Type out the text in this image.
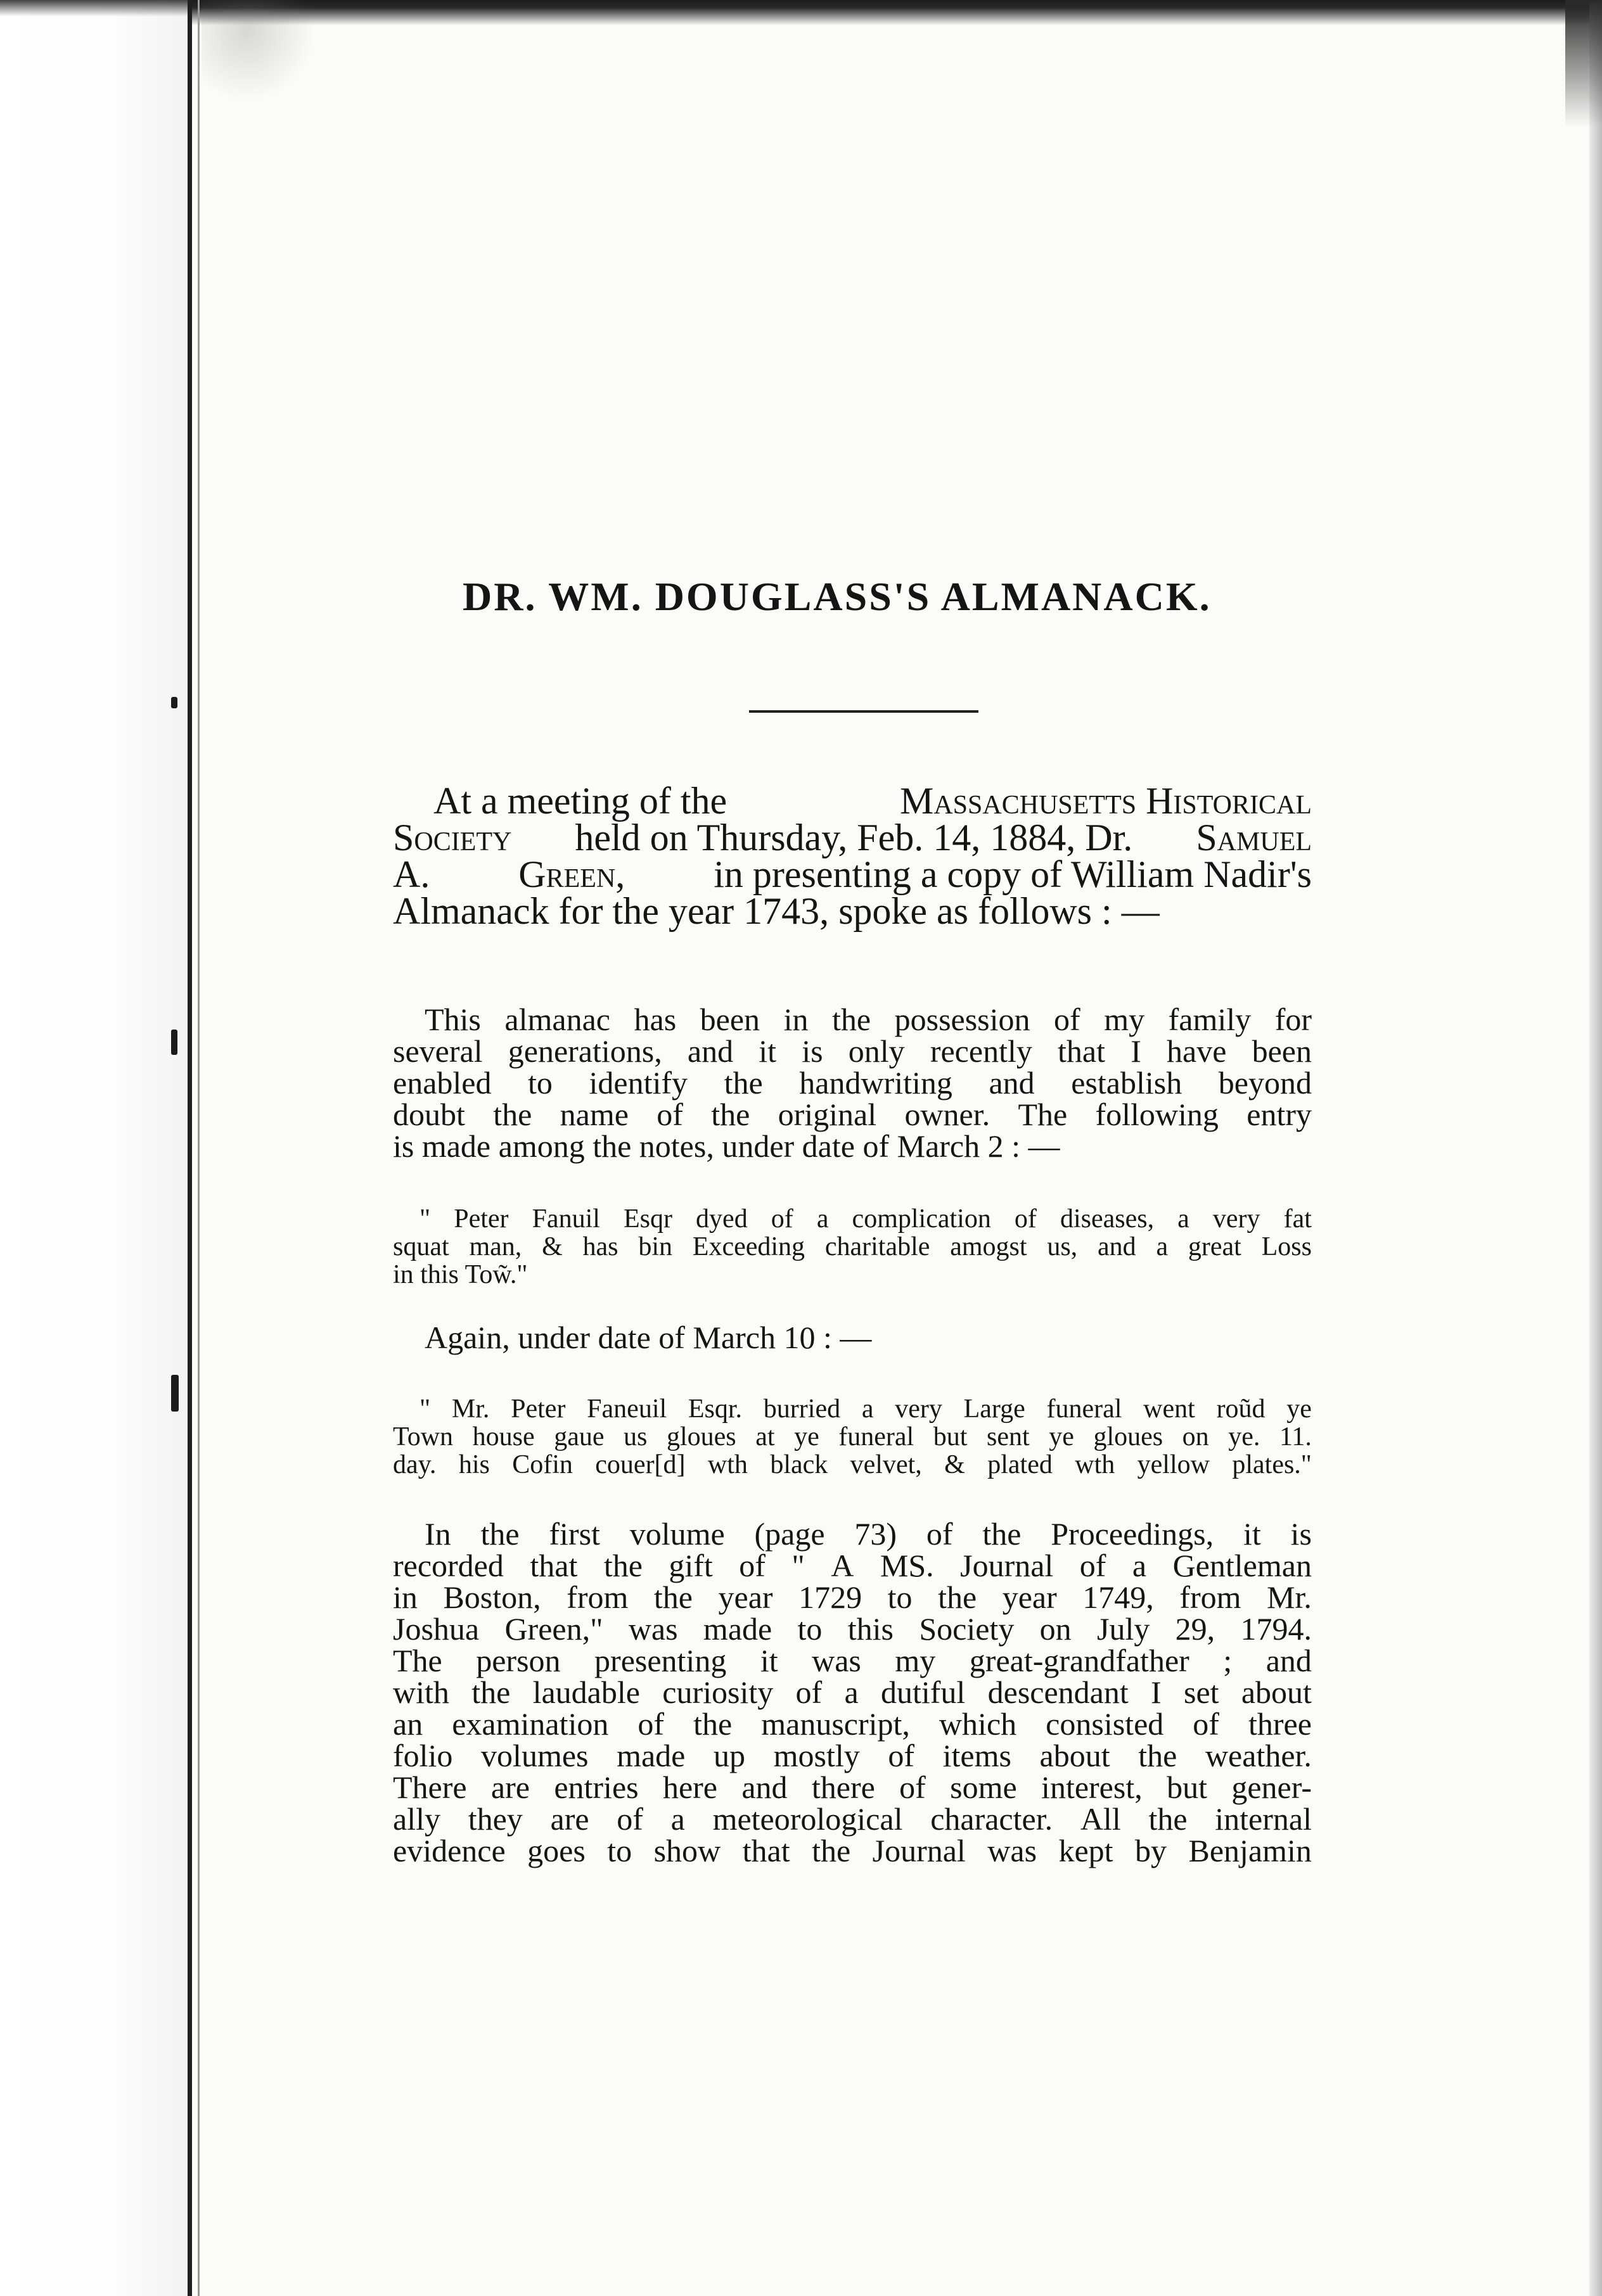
DR. WM. DOUGLASS'S ALMANACK.
At a meeting of the	Massachusetts Historical
Society held on Thursday, Feb. 14, 1884, Dr. Samuel
A. Green, in presenting a copy of William Nadir's
Almanack for the year 1743, spoke as follows : —
This almanac has been in the possession of my family for
several generations, and it is only recently that I have been
enabled to identify the handwriting and establish beyond
doubt the name of the original owner. The following entry
is made among the notes, under date of March 2 : —
" Peter Fanuil Esqr dyed of a complication of diseases, a very fat
squat man, & has bin Exceeding charitable amogst us, and a great Loss
in this Tow̃."
Again, under date of March 10 : —
" Mr. Peter Faneuil Esqr. burried a very Large funeral went roũd ye
Town house gaue us gloues at ye funeral but sent ye gloues on ye. 11.
day. his Cofin couer[d] wth black velvet, & plated wth yellow plates."
In the first volume (page 73) of the Proceedings, it is
recorded that the gift of " A MS. Journal of a Gentleman
in Boston, from the year 1729 to the year 1749, from Mr.
Joshua Green," was made to this Society on July 29, 1794.
The person presenting it was my great-grandfather ; and
with the laudable curiosity of a dutiful descendant I set about
an examination of the manuscript, which consisted of three
folio volumes made up mostly of items about the weather.
There are entries here and there of some interest, but gener-
ally they are of a meteorological character. All the internal
evidence goes to show that the Journal was kept by Benjamin
